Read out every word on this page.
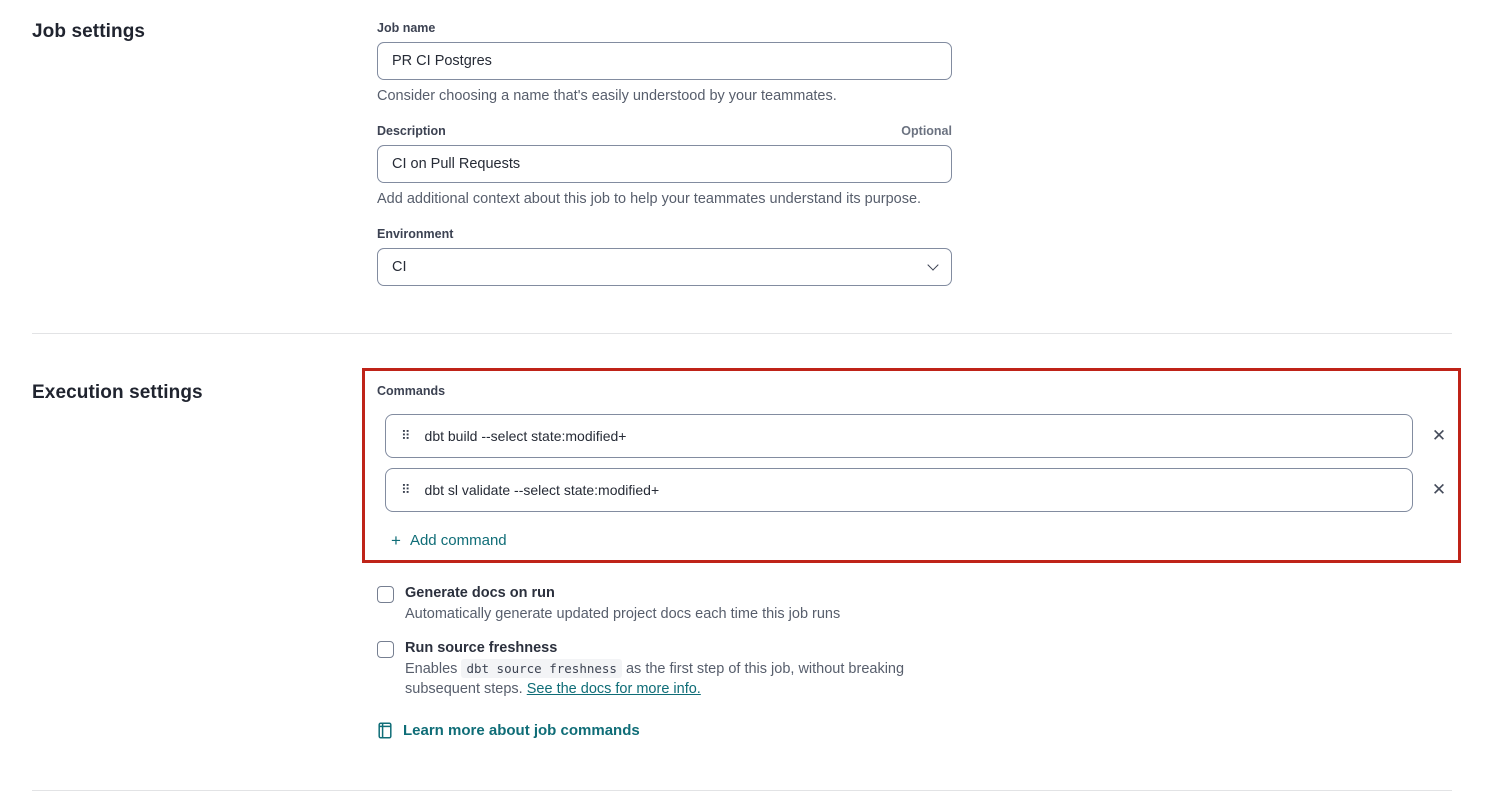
Job settings	Job name
PR CI Postgres
Consider choosing a name that's easily understood by your teammates.
Description	Optional
CI on Pull Requests
Add additional context about this job to help your teammates understand its purpose.
Environment
CI
Execution settings	Commands
⠿ dbt build --select state:modified+	✕
⠿ dbt sl validate --select state:modified+	✕
+ Add command
Generate docs on run
Automatically generate updated project docs each time this job runs
Run source freshness
Enables dbt source freshness as the first step of this job, without breaking subsequent steps. See the docs for more info.
Learn more about job commands
